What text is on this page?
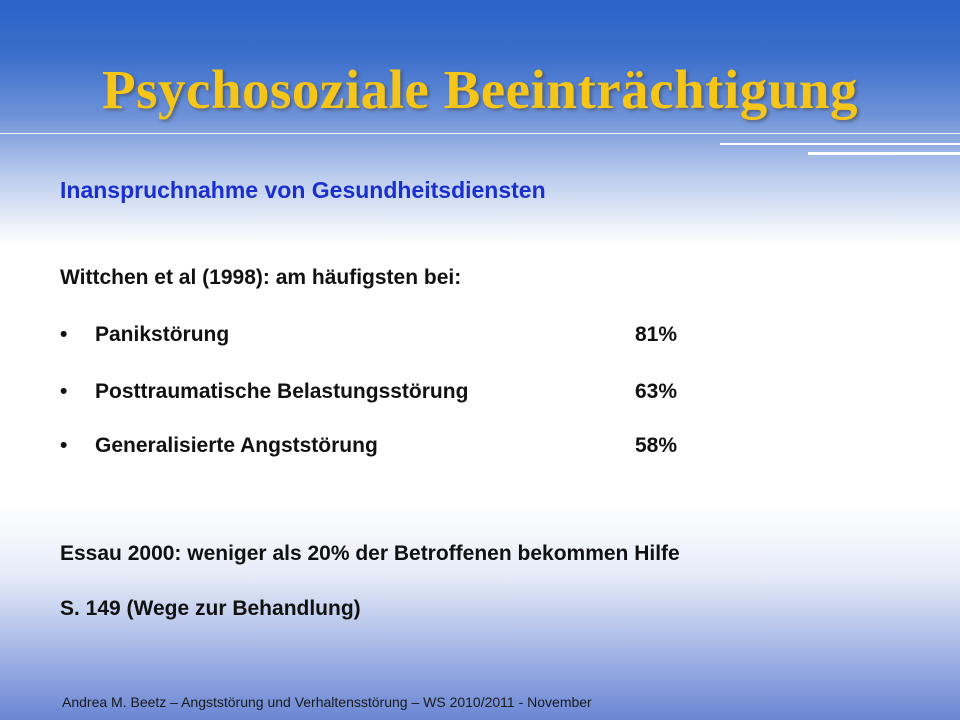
Psychosoziale Beeinträchtigung
Inanspruchnahme von Gesundheitsdiensten
Wittchen et al (1998): am häufigsten bei:
• Panikstörung	81%
• Posttraumatische Belastungsstörung	63%
• Generalisierte Angststörung	58%
Essau 2000: weniger als 20% der Betroffenen bekommen Hilfe
S. 149 (Wege zur Behandlung)
Andrea M. Beetz – Angststörung und Verhaltensstörung – WS 2010/2011 - November
